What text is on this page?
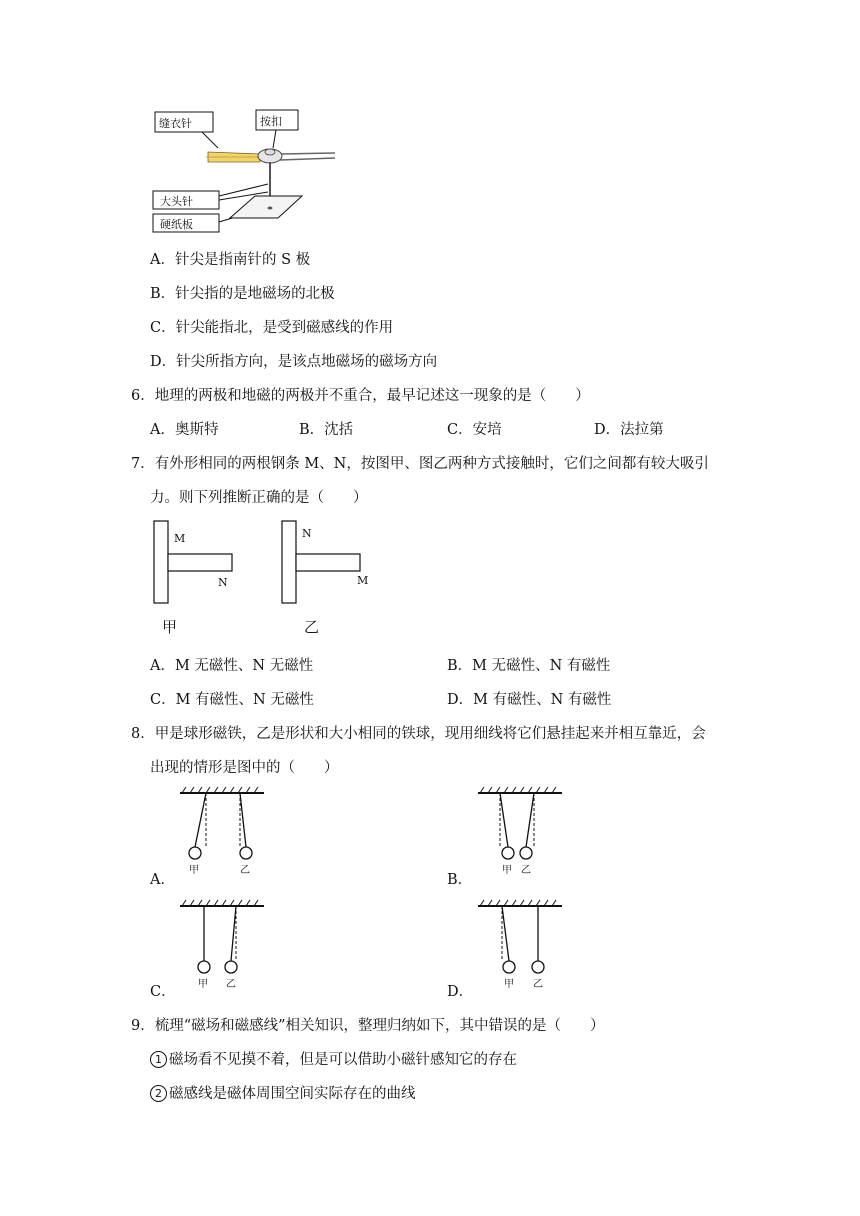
缝衣针	按扣
大头针
硬纸板
A．针尖是指南针的 S 极
B．针尖指的是地磁场的北极
C．针尖能指北，是受到磁感线的作用
D．针尖所指方向，是该点地磁场的磁场方向
6．地理的两极和地磁的两极并不重合，最早记述这一现象的是（　　）
A．奥斯特	B．沈括	C．安培	D．法拉第
7．有外形相同的两根钢条 M、N，按图甲、图乙两种方式接触时，它们之间都有较大吸引
力。则下列推断正确的是（　　）
M
N
N
M
甲	乙
A．M 无磁性、N 无磁性	B．M 无磁性、N 有磁性
C．M 有磁性、N 无磁性	D．M 有磁性、N 有磁性
8．甲是球形磁铁，乙是形状和大小相同的铁球，现用细线将它们悬挂起来并相互靠近，会
出现的情形是图中的（　　）
A．
甲	乙
B．
甲 乙
C． 甲 乙	D．	甲 乙
9．梳理“磁场和磁感线”相关知识，整理归纳如下，其中错误的是（　　）
1 磁场看不见摸不着，但是可以借助小磁针感知它的存在
2 磁感线是磁体周围空间实际存在的曲线
